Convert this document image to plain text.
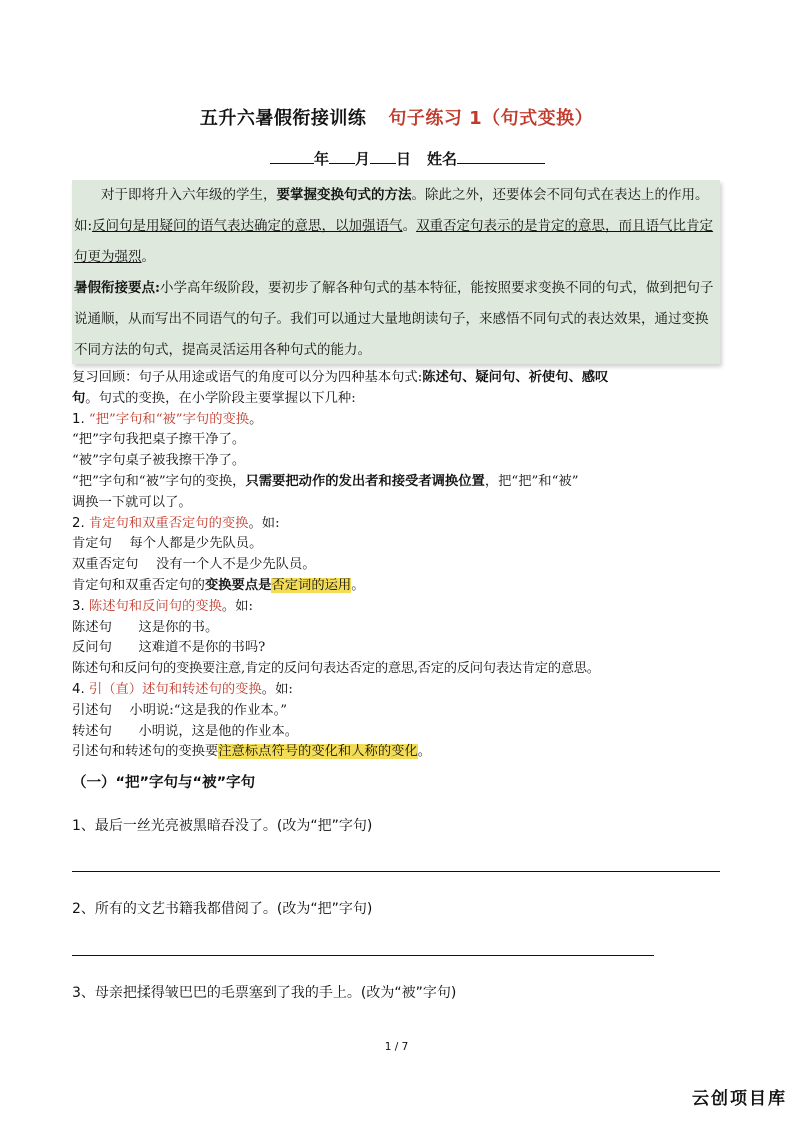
五升六暑假衔接训练 句子练习 1（句式变换）
年 月 日 姓名

对于即将升入六年级的学生，要掌握变换句式的方法。除此之外，还要体会不同句式在表达上的作用。如:反问句是用疑问的语气表达确定的意思，以加强语气。双重否定句表示的是肯定的意思，而且语气比肯定句更为强烈。

暑假衔接要点:小学高年级阶段，要初步了解各种句式的基本特征，能按照要求变换不同的句式，做到把句子说通顺，从而写出不同语气的句子。我们可以通过大量地朗读句子，来感悟不同句式的表达效果，通过变换不同方法的句式，提高灵活运用各种句式的能力。

复习回顾：句子从用途或语气的角度可以分为四种基本句式:陈述句、疑问句、祈使句、感叹
句。句式的变换，在小学阶段主要掌握以下几种:
1. “把”字句和“被”字句的变换。
“把”字句我把桌子擦干净了。
“被”字句桌子被我擦干净了。
“把”字句和“被”字句的变换，只需要把动作的发出者和接受者调换位置，把“把”和“被”
调换一下就可以了。
2. 肯定句和双重否定句的变换。如:
肯定句　 每个人都是少先队员。
双重否定句　 没有一个人不是少先队员。
肯定句和双重否定句的变换要点是否定词的运用。
3. 陈述句和反问句的变换。如:
陈述句　　这是你的书。
反问句　　这难道不是你的书吗?
陈述句和反问句的变换要注意,肯定的反问句表达否定的意思,否定的反问句表达肯定的意思。
4. 引（直）述句和转述句的变换。如:
引述句　 小明说:“这是我的作业本。”
转述句　　小明说，这是他的作业本。
引述句和转述句的变换要注意标点符号的变化和人称的变化。
（一）“把”字句与“被”字句
1、最后一丝光亮被黑暗吞没了。(改为“把”字句)
2、所有的文艺书籍我都借阅了。(改为“把”字句)
3、母亲把揉得皱巴巴的毛票塞到了我的手上。(改为“被”字句)
1 / 7
云创项目库
